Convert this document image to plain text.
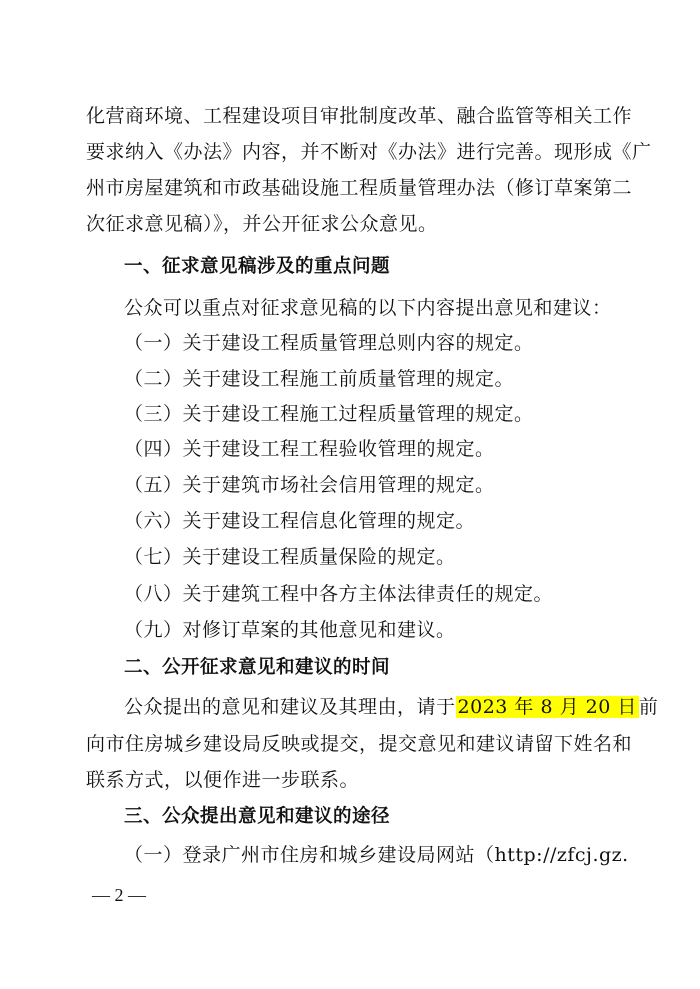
化营商环境、工程建设项目审批制度改革、融合监管等相关工作
要求纳入《办法》内容，并不断对《办法》进行完善。现形成《广
州市房屋建筑和市政基础设施工程质量管理办法（修订草案第二
次征求意见稿）》，并公开征求公众意见。
一、征求意见稿涉及的重点问题
公众可以重点对征求意见稿的以下内容提出意见和建议：
（一）关于建设工程质量管理总则内容的规定。
（二）关于建设工程施工前质量管理的规定。
（三）关于建设工程施工过程质量管理的规定。
（四）关于建设工程工程验收管理的规定。
（五）关于建筑市场社会信用管理的规定。
（六）关于建设工程信息化管理的规定。
（七）关于建设工程质量保险的规定。
（八）关于建筑工程中各方主体法律责任的规定。
（九）对修订草案的其他意见和建议。
二、公开征求意见和建议的时间
公众提出的意见和建议及其理由，请于 2023 年 8 月 20 日 前
向市住房城乡建设局反映或提交，提交意见和建议请留下姓名和
联系方式，以便作进一步联系。
三、公众提出意见和建议的途径
（一）登录广州市住房和城乡建设局网站（http://zfcj.gz.
— 2 —
